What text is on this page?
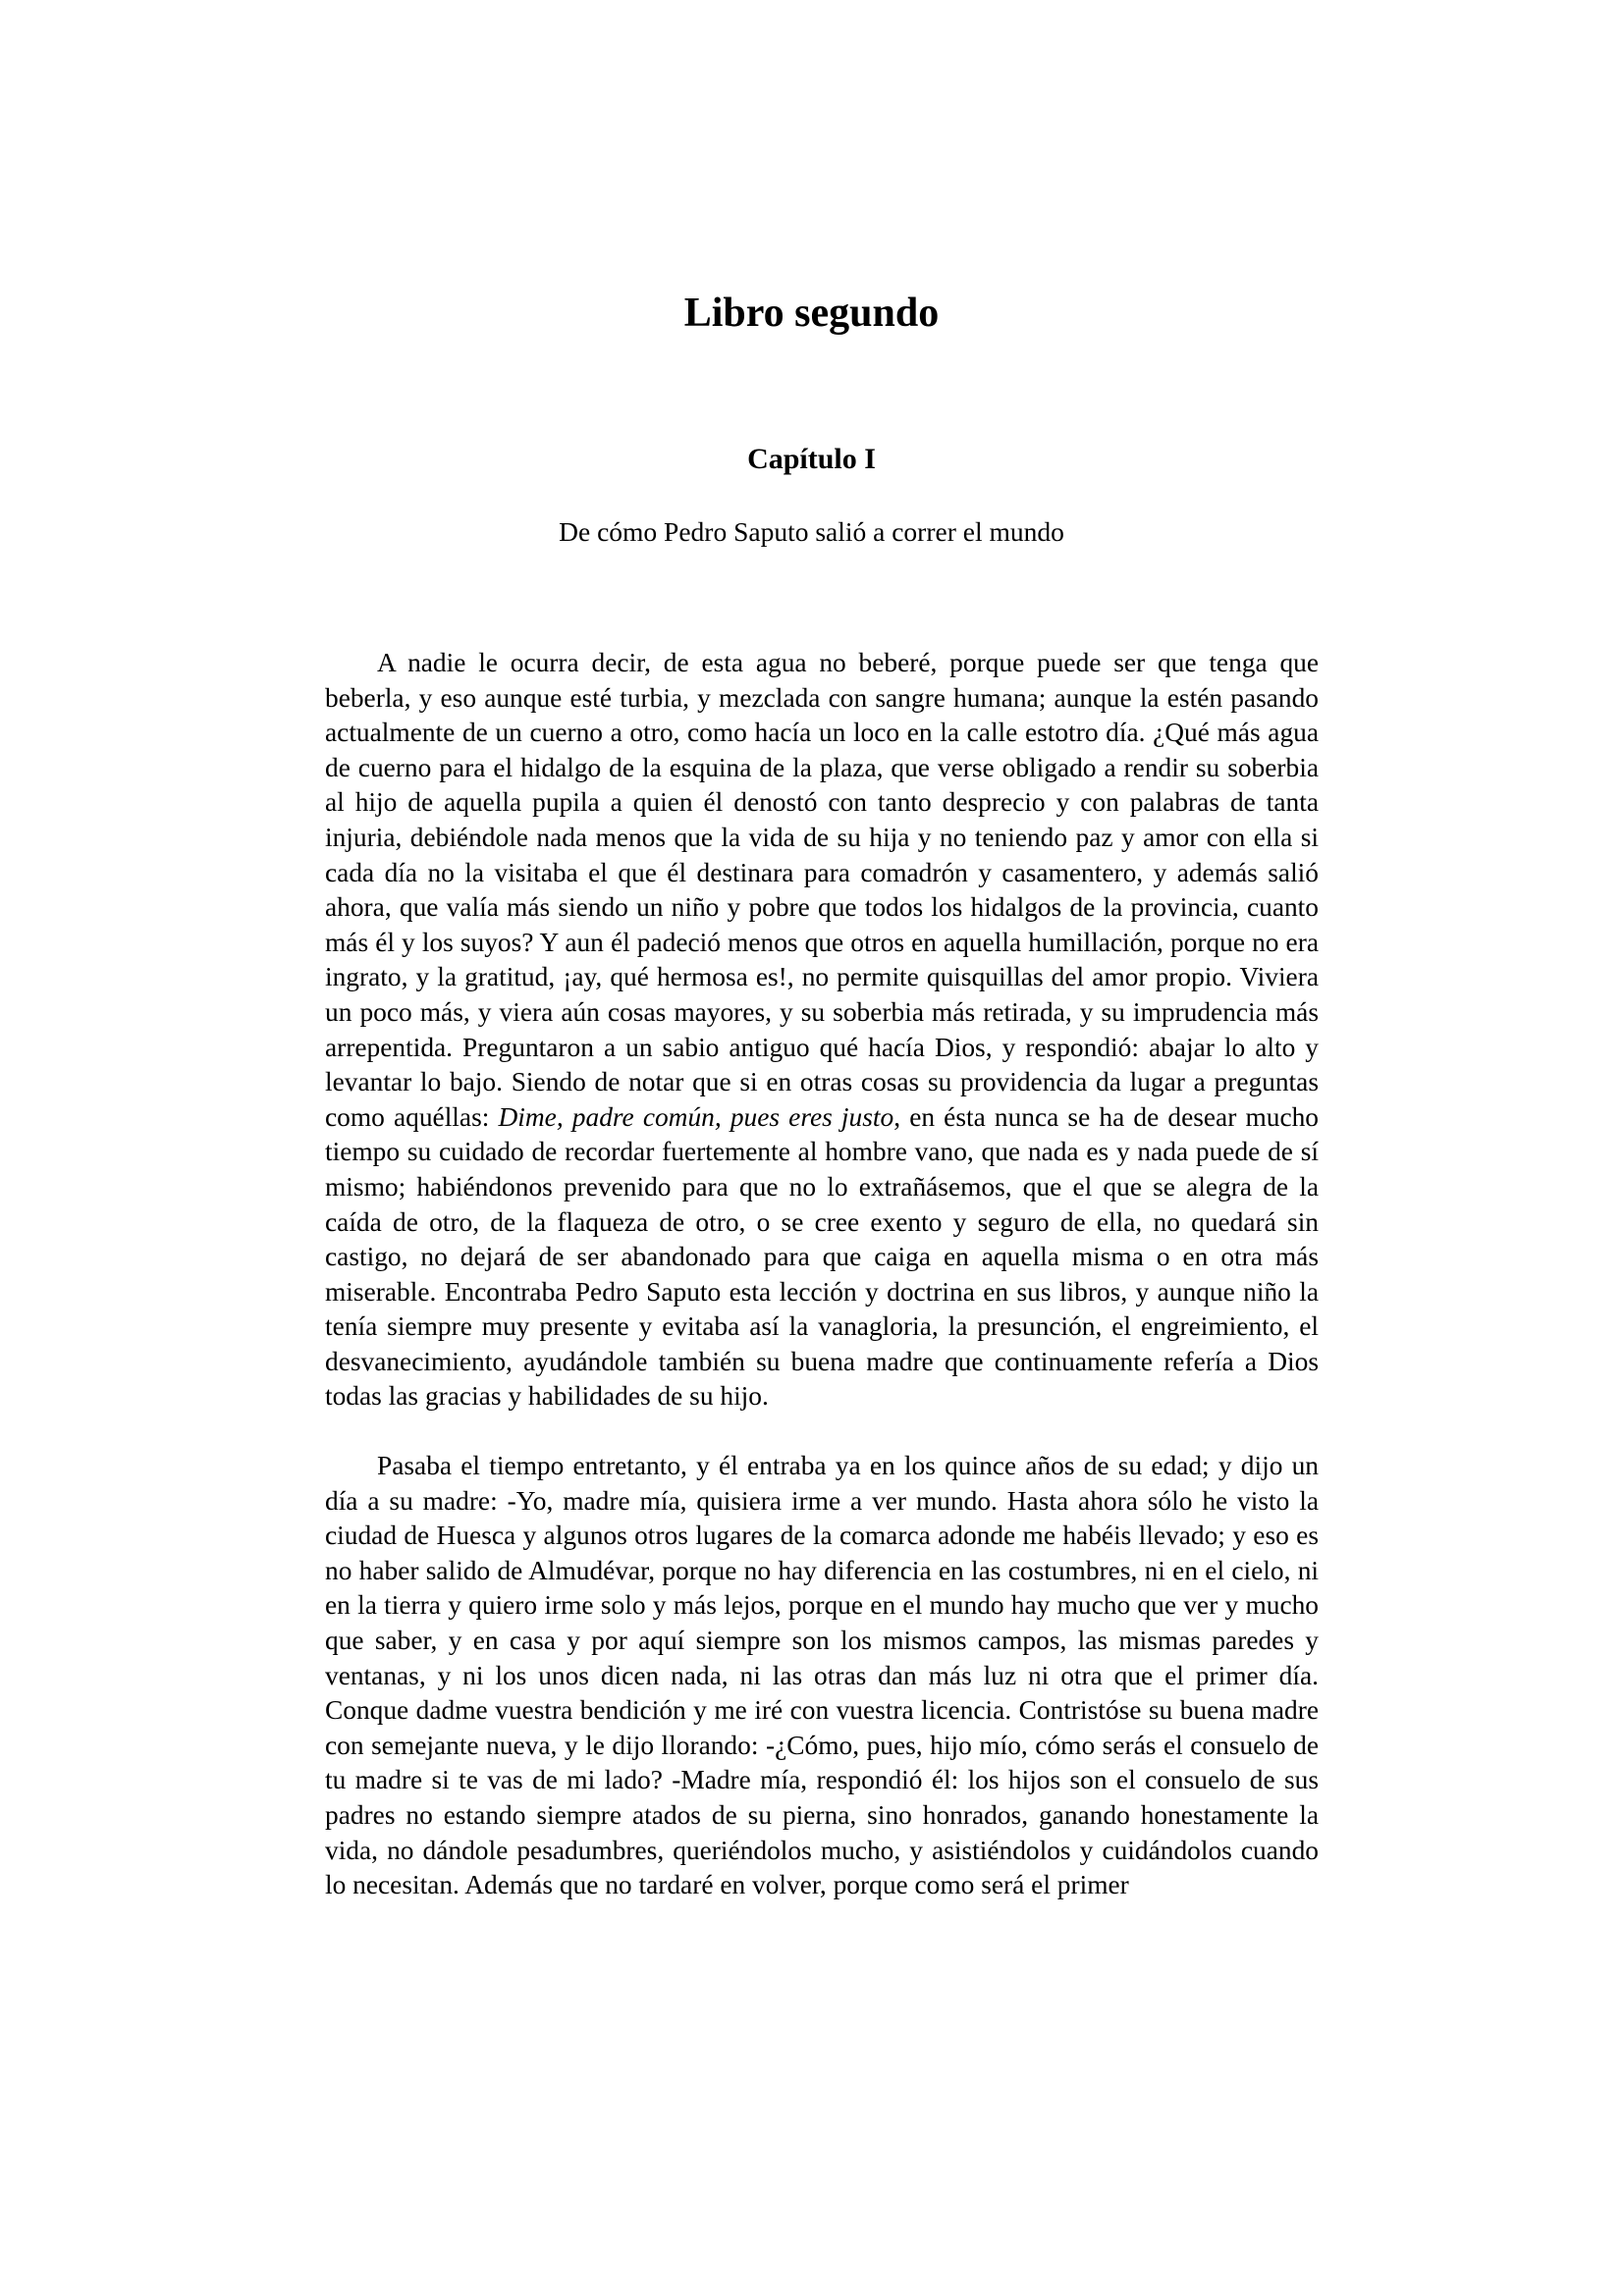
Libro segundo
Capítulo I

De cómo Pedro Saputo salió a correr el mundo

A nadie le ocurra decir, de esta agua no beberé, porque puede ser que tenga que beberla, y eso aunque esté turbia, y mezclada con sangre humana; aunque la estén pasando actualmente de un cuerno a otro, como hacía un loco en la calle estotro día. ¿Qué más agua de cuerno para el hidalgo de la esquina de la plaza, que verse obligado a rendir su soberbia al hijo de aquella pupila a quien él denostó con tanto desprecio y con palabras de tanta injuria, debiéndole nada menos que la vida de su hija y no teniendo paz y amor con ella si cada día no la visitaba el que él destinara para comadrón y casamentero, y además salió ahora, que valía más siendo un niño y pobre que todos los hidalgos de la provincia, cuanto más él y los suyos? Y aun él padeció menos que otros en aquella humillación, porque no era ingrato, y la gratitud, ¡ay, qué hermosa es!, no permite quisquillas del amor propio. Viviera un poco más, y viera aún cosas mayores, y su soberbia más retirada, y su imprudencia más arrepentida. Preguntaron a un sabio antiguo qué hacía Dios, y respondió: abajar lo alto y levantar lo bajo. Siendo de notar que si en otras cosas su providencia da lugar a preguntas como aquéllas: Dime, padre común, pues eres justo, en ésta nunca se ha de desear mucho tiempo su cuidado de recordar fuertemente al hombre vano, que nada es y nada puede de sí mismo; habiéndonos prevenido para que no lo extrañásemos, que el que se alegra de la caída de otro, de la flaqueza de otro, o se cree exento y seguro de ella, no quedará sin castigo, no dejará de ser abandonado para que caiga en aquella misma o en otra más miserable. Encontraba Pedro Saputo esta lección y doctrina en sus libros, y aunque niño la tenía siempre muy presente y evitaba así la vanagloria, la presunción, el engreimiento, el desvanecimiento, ayudándole también su buena madre que continuamente refería a Dios todas las gracias y habilidades de su hijo.

Pasaba el tiempo entretanto, y él entraba ya en los quince años de su edad; y dijo un día a su madre: -Yo, madre mía, quisiera irme a ver mundo. Hasta ahora sólo he visto la ciudad de Huesca y algunos otros lugares de la comarca adonde me habéis llevado; y eso es no haber salido de Almudévar, porque no hay diferencia en las costumbres, ni en el cielo, ni en la tierra y quiero irme solo y más lejos, porque en el mundo hay mucho que ver y mucho que saber, y en casa y por aquí siempre son los mismos campos, las mismas paredes y ventanas, y ni los unos dicen nada, ni las otras dan más luz ni otra que el primer día. Conque dadme vuestra bendición y me iré con vuestra licencia. Contristóse su buena madre con semejante nueva, y le dijo llorando: -¿Cómo, pues, hijo mío, cómo serás el consuelo de tu madre si te vas de mi lado? -Madre mía, respondió él: los hijos son el consuelo de sus padres no estando siempre atados de su pierna, sino honrados, ganando honestamente la vida, no dándole pesadumbres, queriéndolos mucho, y asistiéndolos y cuidándolos cuando lo necesitan. Además que no tardaré en volver, porque como será el primer
